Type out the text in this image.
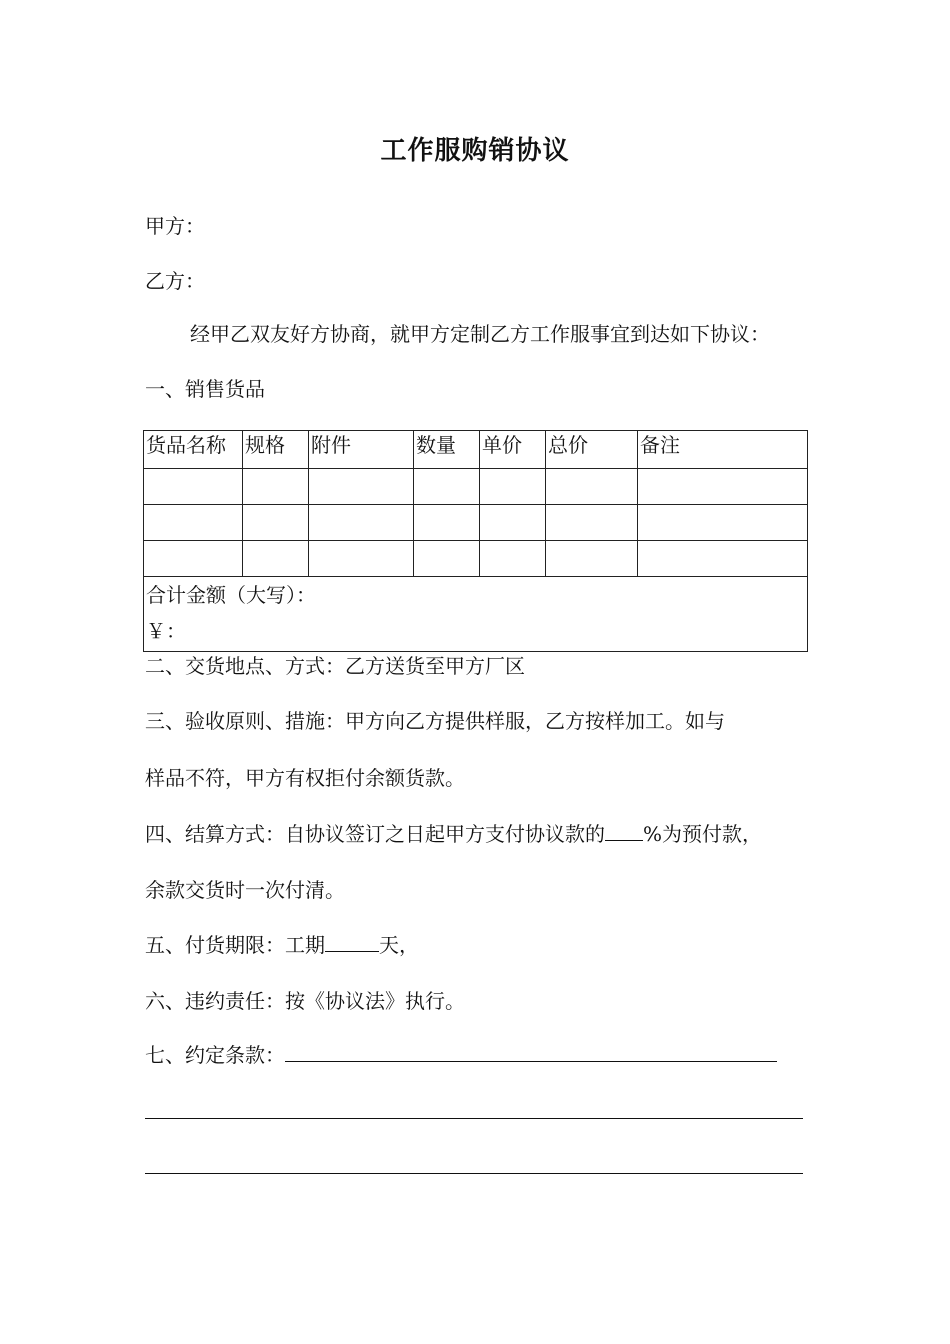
工作服购销协议
甲方：
乙方：
经甲乙双友好方协商，就甲方定制乙方工作服事宜到达如下协议：
一、销售货品
货品名称	规格	附件	数量	单价	总价	备注

合计金额（大写）：
￥：						
二、交货地点、方式：乙方送货至甲方厂区
三、验收原则、措施：甲方向乙方提供样服，乙方按样加工。如与
样品不符，甲方有权拒付余额货款。
四、结算方式：自协议签订之日起甲方支付协议款的 %为预付款，
余款交货时一次付清。
五、付货期限：工期	天，
六、违约责任：按《协议法》执行。
七、约定条款：
